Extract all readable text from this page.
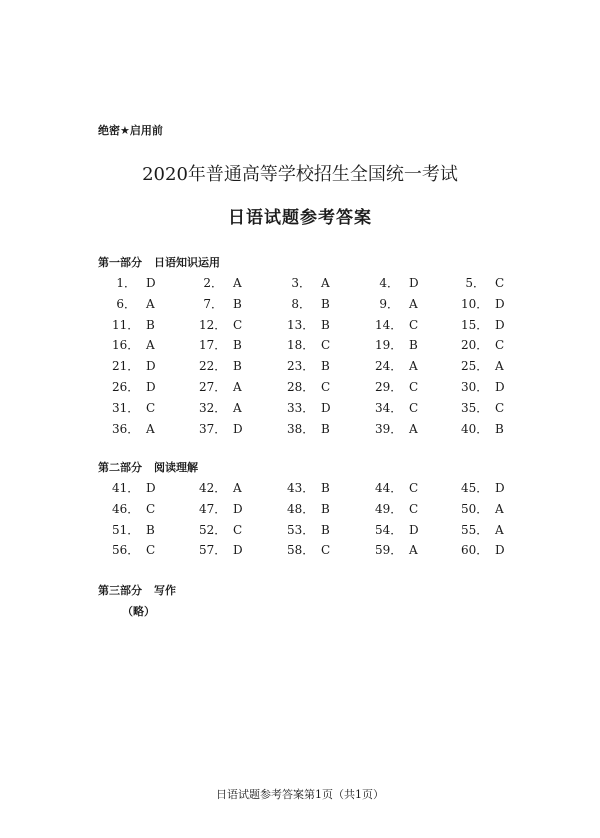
绝密★启用前
2020年普通高等学校招生全国统一考试
日语试题参考答案
第一部分 日语知识运用
1． D	2． A	3． A	4． D	5． C
6． A	7． B	8． B	9． A	10． D
11． B	12． C	13． B	14． C	15． D
16． A	17． B	18． C	19． B	20． C
21． D	22． B	23． B	24． A	25． A
26． D	27． A	28． C	29． C	30． D
31． C	32． A	33． D	34． C	35． C
36． A	37． D	38． B	39． A	40． B
第二部分 阅读理解
41． D	42． A	43． B	44． C	45． D
46． C	47． D	48． B	49． C	50． A
51． B	52． C	53． B	54． D	55． A
56． C	57． D	58． C	59． A	60． D
第三部分 写作
（略）
日语试题参考答案第1页（共1页）
